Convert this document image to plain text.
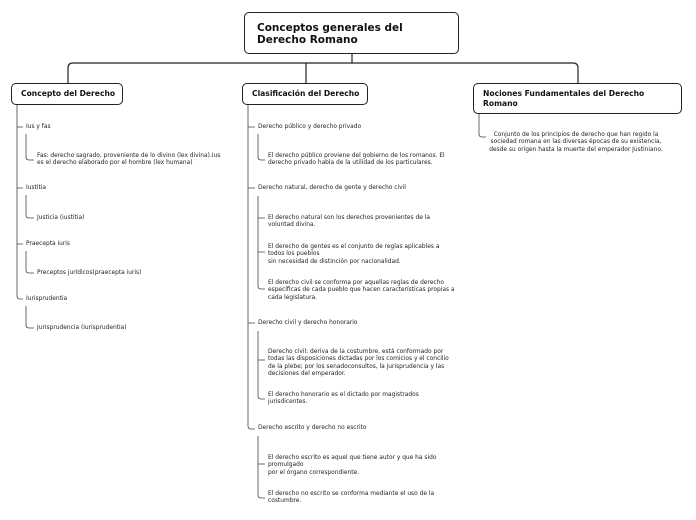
Conceptos generales del Derecho Romano
Concepto del Derecho	Clasificación del Derecho	Nociones Fundamentales del Derecho Romano
Ius y fas
Fas: derecho sagrado, proveniente de lo divino (lex divina).Ius
es el derecho elaborado por el hombre (lex humana)
Iustitia
Justicia (iustitia)
Praecepta iuris
Preceptos jurídicos(praecepta iuris)
Iurisprudentia
Jurisprudencia (iurisprudentia)
Derecho público y derecho privado
El derecho público proviene del gobierno de los romanos. El
derecho privado habla de la utilidad de los particulares.
Derecho natural, derecho de gente y derecho civil
El derecho natural son los derechos provenientes de la
voluntad divina.
El derecho de gentes es el conjunto de reglas aplicables a
todos los pueblos
sin necesidad de distinción por nacionalidad.
El derecho civil se conforma por aquellas reglas de derecho
específicas de cada pueblo que hacen características propias a
cada legislatura.
Derecho civil y derecho honorario
Derecho civil: deriva de la costumbre, está conformado por
todas las disposiciones dictadas por los comicios y el concilio
de la plebe; por los senadoconsultos, la jurisprudencia y las
decisiones del emperador.
El derecho honorario es el dictado por magistrados
jurisdicentes.
Derecho escrito y derecho no escrito
El derecho escrito es aquel que tiene autor y que ha sido
promulgado
por el órgano correspondiente.
El derecho no escrito se conforma mediante el uso de la
costumbre.
Conjunto de los principios de derecho que han regido la
sociedad romana en las diversas épocas de su existencia,
desde su origen hasta la muerte del emperador Justiniano.
